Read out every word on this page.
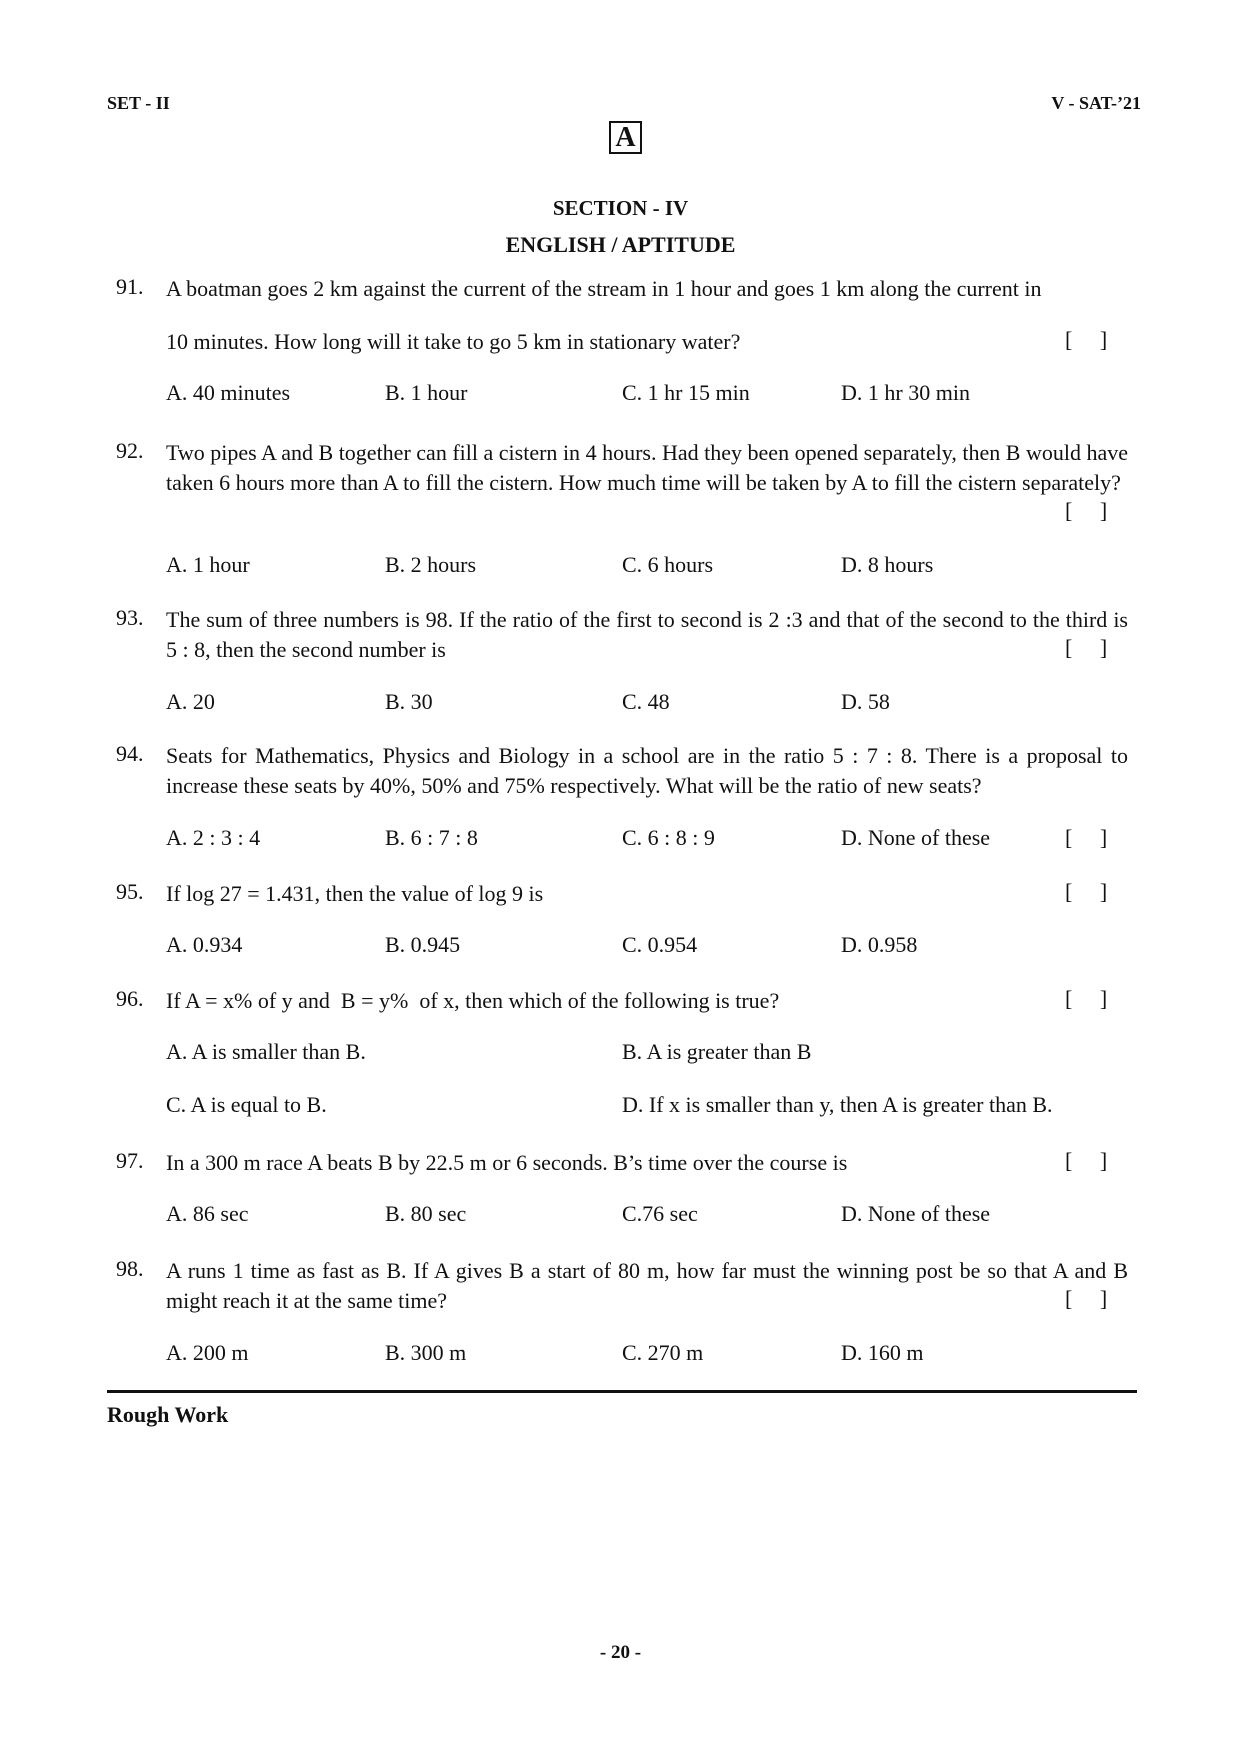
SET - II	V - SAT-’21
A
SECTION - IV
ENGLISH / APTITUDE
91. A boatman goes 2 km against the current of the stream in 1 hour and goes 1 km along the current in
10 minutes. How long will it take to go 5 km in stationary water?	[     ]
A. 40 minutes	B. 1 hour	C. 1 hr 15 min	D. 1 hr 30 min
92. Two pipes A and B together can fill a cistern in 4 hours. Had they been opened separately, then B would have taken 6 hours more than A to fill the cistern. How much time will be taken by A to fill the cistern separately?
[     ]
A. 1 hour	B. 2 hours	C. 6 hours	D. 8 hours
93. The sum of three numbers is 98. If the ratio of the first to second is 2 :3 and that of the second to the third is 5 : 8, then the second number is	[     ]
A. 20	B. 30	C. 48	D. 58
94. Seats for Mathematics, Physics and Biology in a school are in the ratio 5 : 7 : 8. There is a proposal to increase these seats by 40%, 50% and 75% respectively. What will be the ratio of new seats?
A. 2 : 3 : 4	B. 6 : 7 : 8	C. 6 : 8 : 9	D. None of these	[     ]
95. If log 27 = 1.431, then the value of log 9 is	[     ]
A. 0.934	B. 0.945	C. 0.954	D. 0.958
96. If A = x% of y and  B = y%  of x, then which of the following is true?	[     ]
A. A is smaller than B.	B. A is greater than B
C. A is equal to B.	D. If x is smaller than y, then A is greater than B.
97. In a 300 m race A beats B by 22.5 m or 6 seconds. B’s time over the course is	[     ]
A. 86 sec	B. 80 sec	C.76 sec	D. None of these
98. A runs 1 time as fast as B. If A gives B a start of 80 m, how far must the winning post be so that A and B might reach it at the same time?	[     ]
A. 200 m	B. 300 m	C. 270 m	D. 160 m
Rough Work
- 20 -
